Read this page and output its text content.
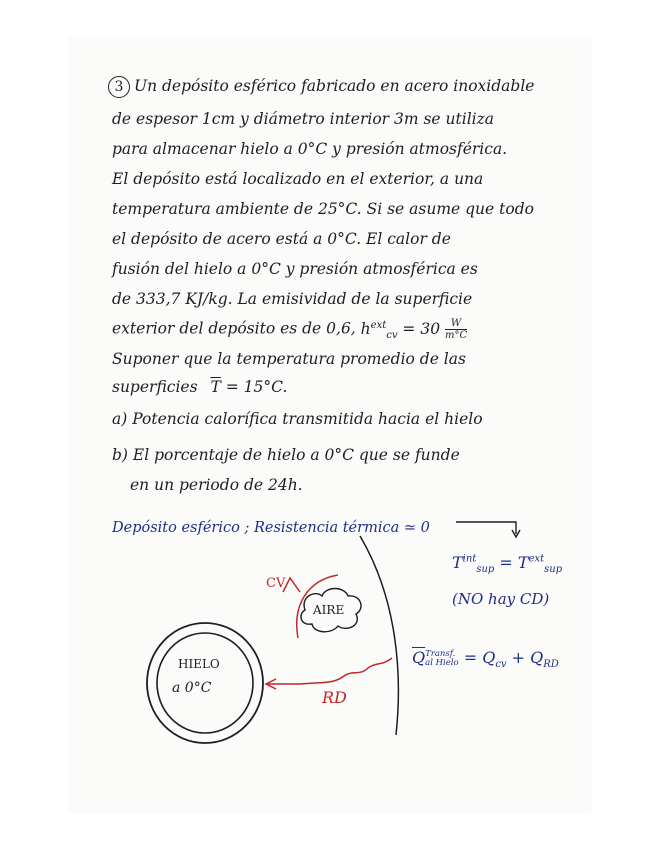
3 Un depósito esférico fabricado en acero inoxidable
de espesor 1cm y diámetro interior 3m se utiliza
para almacenar hielo a 0°C y presión atmosférica.
El depósito está localizado en el exterior, a una
temperatura ambiente de 25°C. Si se asume que todo
el depósito de acero está a 0°C. El calor de
fusión del hielo a 0°C y presión atmosférica es
de 333,7 KJ/kg. La emisividad de la superficie
exterior del depósito es de 0,6, $h^{ext}_{cv} = 30 \frac{W}{m^\circ C}$
Suponer que la temperatura promedio de las
superficies $\overline{T} = 15^\circ C$.
a) Potencia calorífica transmitida hacia el hielo
b) El porcentaje de hielo a 0°C que se funde
en un periodo de 24h.
Depósito esférico ; Resistencia térmica ≃ 0
$T^{int}_{sup} = T^{ext}_{sup}$
(NO hay CD)
CV
AIRE
HIELO
a 0°C	RD
$\overline{Q}$ Transf.
al Hielo = $Q_{cv} + Q_{RD}$
